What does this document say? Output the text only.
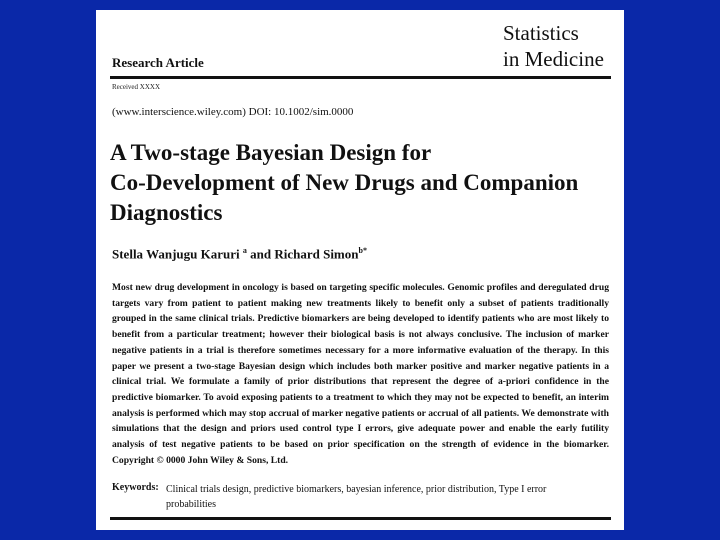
Statistics
in Medicine
Research Article
Received XXXX
(www.interscience.wiley.com) DOI: 10.1002/sim.0000
A Two-stage Bayesian Design for
Co-Development of New Drugs and Companion
Diagnostics
Stella Wanjugu Karuri $^a$ and Richard Simon$^{b*}$

Most new drug development in oncology is based on targeting specific molecules. Genomic profiles and deregulated drug targets vary from patient to patient making new treatments likely to benefit only a subset of patients traditionally grouped in the same clinical trials. Predictive biomarkers are being developed to identify patients who are most likely to benefit from a particular treatment; however their biological basis is not always conclusive. The inclusion of marker negative patients in a trial is therefore sometimes necessary for a more informative evaluation of the therapy. In this paper we present a two-stage Bayesian design which includes both marker positive and marker negative patients in a clinical trial. We formulate a family of prior distributions that represent the degree of a-priori confidence in the predictive biomarker. To avoid exposing patients to a treatment to which they may not be expected to benefit, an interim analysis is performed which may stop accrual of marker negative patients or accrual of all patients. We demonstrate with simulations that the design and priors used control type I errors, give adequate power and enable the early futility analysis of test negative patients to be based on prior specification on the strength of evidence in the biomarker. Copyright © 0000 John Wiley & Sons, Ltd.

Keywords: Clinical trials design, predictive biomarkers, bayesian inference, prior distribution, Type I error probabilities
